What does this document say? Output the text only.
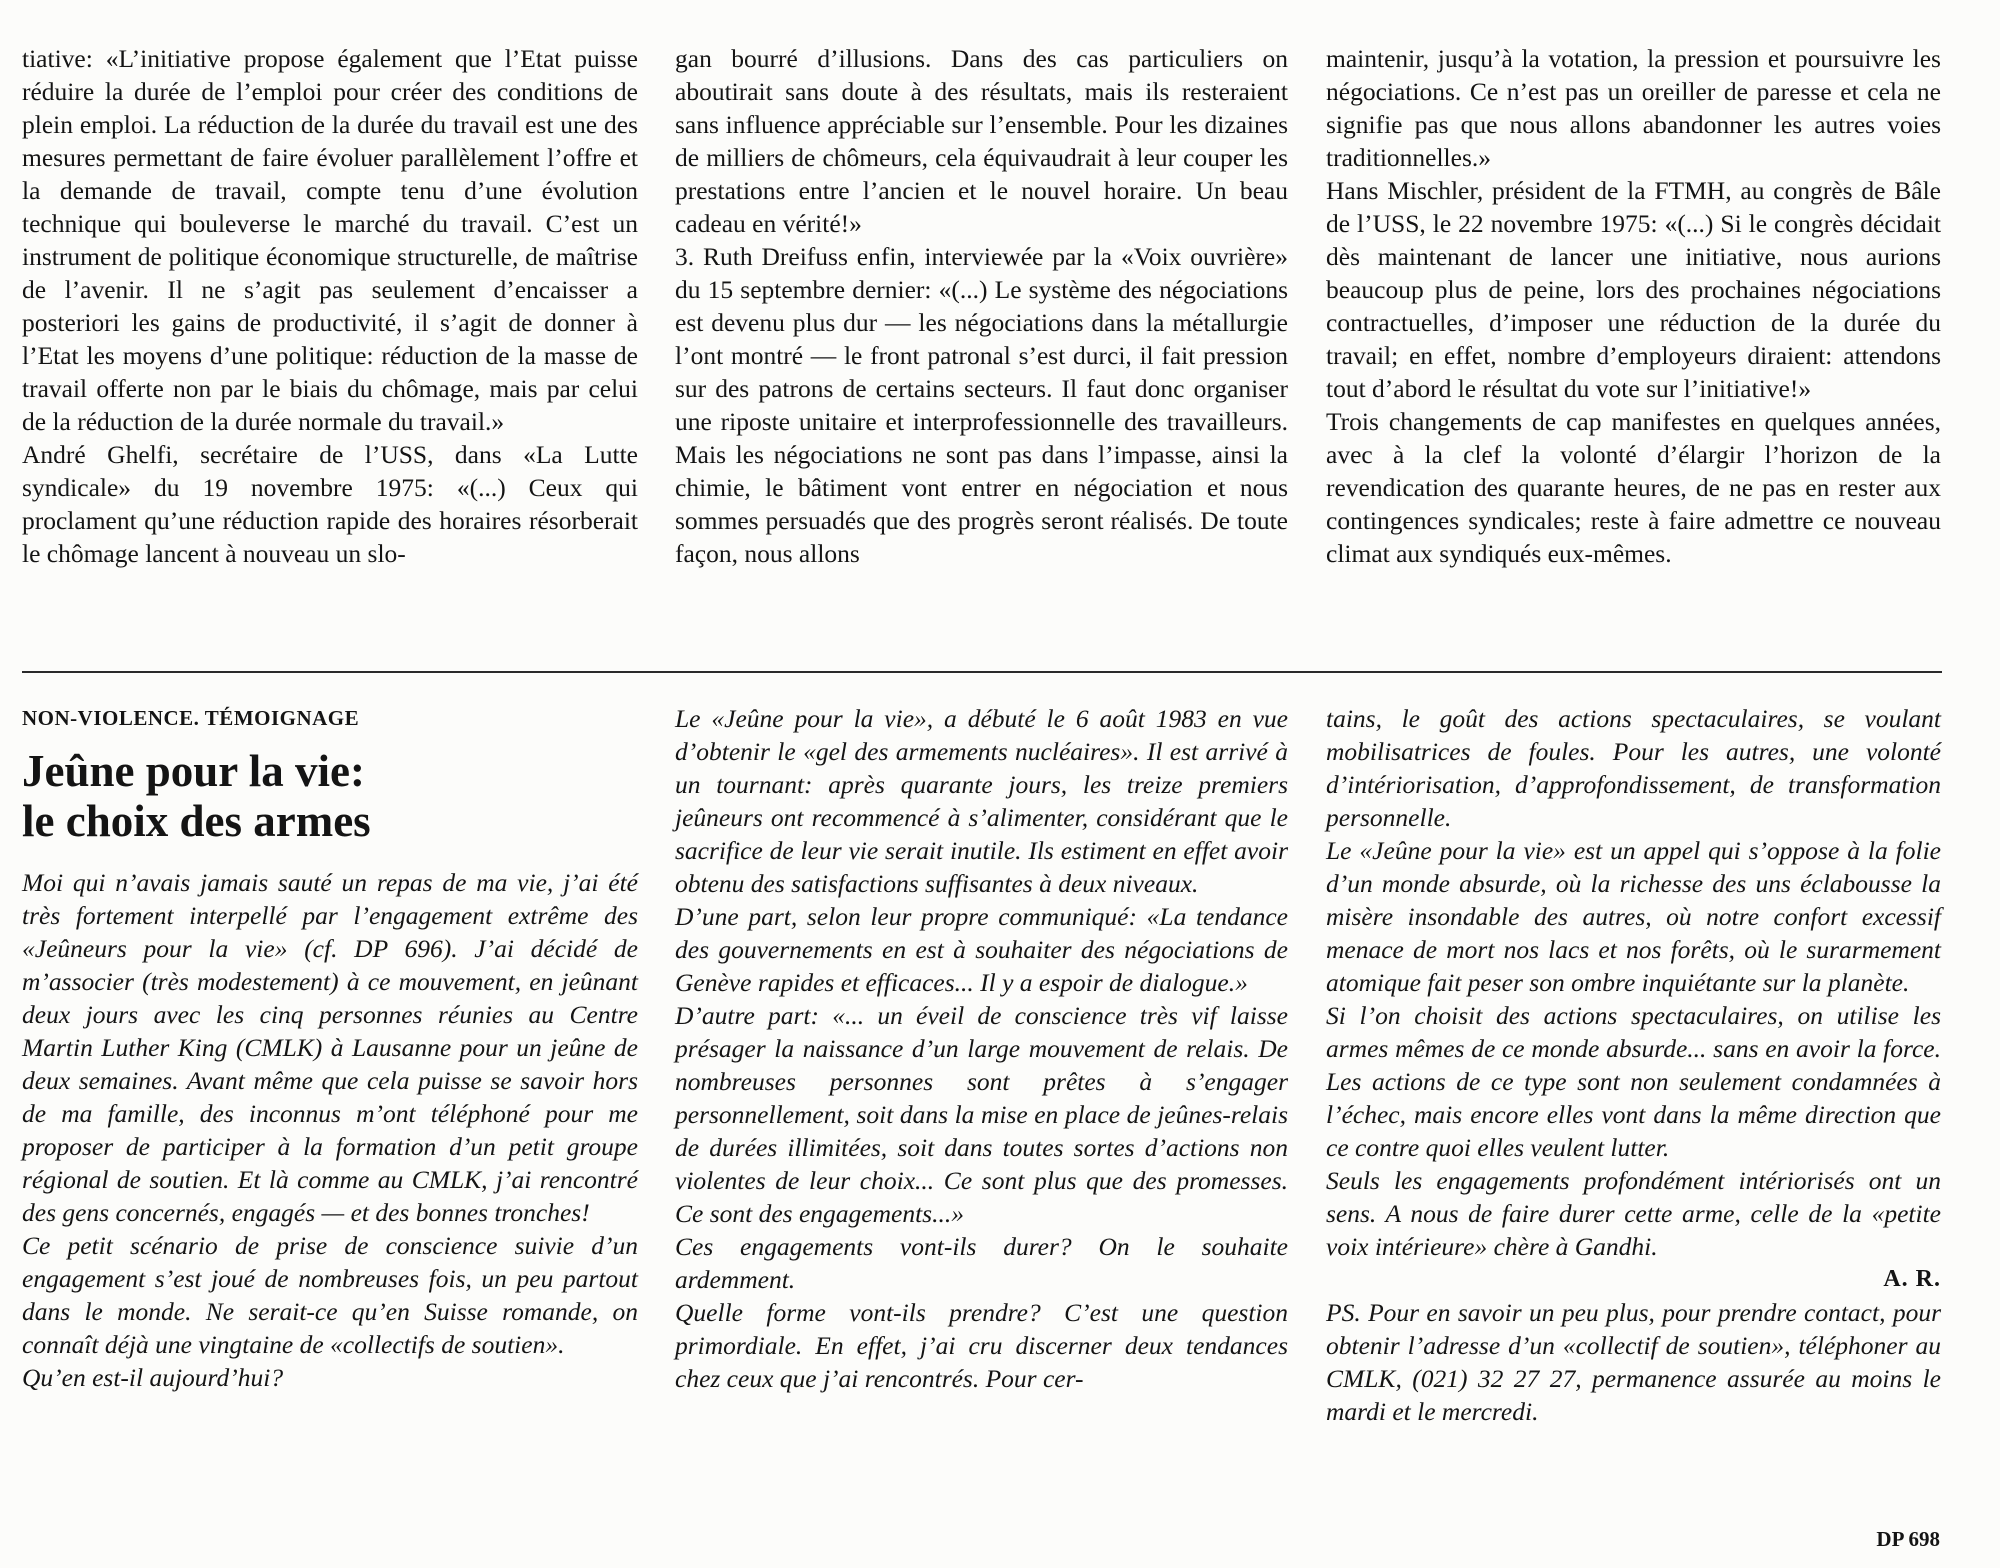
tiative: «L’initiative propose également que l’Etat puisse réduire la durée de l’emploi pour créer des conditions de plein emploi. La réduction de la durée du travail est une des mesures permettant de faire évoluer parallèlement l’offre et la demande de travail, compte tenu d’une évolution technique qui bouleverse le marché du travail. C’est un instrument de politique économique structurelle, de maîtrise de l’avenir. Il ne s’agit pas seulement d’encaisser a posteriori les gains de productivité, il s’agit de donner à l’Etat les moyens d’une politique: réduction de la masse de travail offerte non par le biais du chômage, mais par celui de la réduction de la durée normale du travail.»

André Ghelfi, secrétaire de l’USS, dans «La Lutte syndicale» du 19 novembre 1975: «(...) Ceux qui proclament qu’une réduction rapide des horaires résorberait le chômage lancent à nouveau un slo-

gan bourré d’illusions. Dans des cas particuliers on aboutirait sans doute à des résultats, mais ils resteraient sans influence appréciable sur l’ensemble. Pour les dizaines de milliers de chômeurs, cela équivaudrait à leur couper les prestations entre l’ancien et le nouvel horaire. Un beau cadeau en vérité!»

3. Ruth Dreifuss enfin, interviewée par la «Voix ouvrière» du 15 septembre dernier: «(...) Le système des négociations est devenu plus dur — les négociations dans la métallurgie l’ont montré — le front patronal s’est durci, il fait pression sur des patrons de certains secteurs. Il faut donc organiser une riposte unitaire et interprofessionnelle des travailleurs. Mais les négociations ne sont pas dans l’impasse, ainsi la chimie, le bâtiment vont entrer en négociation et nous sommes persuadés que des progrès seront réalisés. De toute façon, nous allons

maintenir, jusqu’à la votation, la pression et poursuivre les négociations. Ce n’est pas un oreiller de paresse et cela ne signifie pas que nous allons abandonner les autres voies traditionnelles.»

Hans Mischler, président de la FTMH, au congrès de Bâle de l’USS, le 22 novembre 1975: «(...) Si le congrès décidait dès maintenant de lancer une initiative, nous aurions beaucoup plus de peine, lors des prochaines négociations contractuelles, d’imposer une réduction de la durée du travail; en effet, nombre d’employeurs diraient: attendons tout d’abord le résultat du vote sur l’initiative!»

Trois changements de cap manifestes en quelques années, avec à la clef la volonté d’élargir l’horizon de la revendication des quarante heures, de ne pas en rester aux contingences syndicales; reste à faire admettre ce nouveau climat aux syndiqués eux-mêmes.

NON-VIOLENCE. TÉMOIGNAGE
Jeûne pour la vie:
le choix des armes

Moi qui n’avais jamais sauté un repas de ma vie, j’ai été très fortement interpellé par l’engagement extrême des «Jeûneurs pour la vie» (cf. DP 696). J’ai décidé de m’associer (très modestement) à ce mouvement, en jeûnant deux jours avec les cinq personnes réunies au Centre Martin Luther King (CMLK) à Lausanne pour un jeûne de deux semaines. Avant même que cela puisse se savoir hors de ma famille, des inconnus m’ont téléphoné pour me proposer de participer à la formation d’un petit groupe régional de soutien. Et là comme au CMLK, j’ai rencontré des gens concernés, engagés — et des bonnes tronches!

Ce petit scénario de prise de conscience suivie d’un engagement s’est joué de nombreuses fois, un peu partout dans le monde. Ne serait-ce qu’en Suisse romande, on connaît déjà une vingtaine de «collectifs de soutien».

Qu’en est-il aujourd’hui?

Le «Jeûne pour la vie», a débuté le 6 août 1983 en vue d’obtenir le «gel des armements nucléaires». Il est arrivé à un tournant: après quarante jours, les treize premiers jeûneurs ont recommencé à s’alimenter, considérant que le sacrifice de leur vie serait inutile. Ils estiment en effet avoir obtenu des satisfactions suffisantes à deux niveaux.

D’une part, selon leur propre communiqué: «La tendance des gouvernements en est à souhaiter des négociations de Genève rapides et efficaces... Il y a espoir de dialogue.»

D’autre part: «... un éveil de conscience très vif laisse présager la naissance d’un large mouvement de relais. De nombreuses personnes sont prêtes à s’engager personnellement, soit dans la mise en place de jeûnes-relais de durées illimitées, soit dans toutes sortes d’actions non violentes de leur choix... Ce sont plus que des promesses. Ce sont des engagements...»

Ces engagements vont-ils durer? On le souhaite ardemment.

Quelle forme vont-ils prendre? C’est une question primordiale. En effet, j’ai cru discerner deux tendances chez ceux que j’ai rencontrés. Pour cer-

tains, le goût des actions spectaculaires, se voulant mobilisatrices de foules. Pour les autres, une volonté d’intériorisation, d’approfondissement, de transformation personnelle.

Le «Jeûne pour la vie» est un appel qui s’oppose à la folie d’un monde absurde, où la richesse des uns éclabousse la misère insondable des autres, où notre confort excessif menace de mort nos lacs et nos forêts, où le surarmement atomique fait peser son ombre inquiétante sur la planète.

Si l’on choisit des actions spectaculaires, on utilise les armes mêmes de ce monde absurde... sans en avoir la force. Les actions de ce type sont non seulement condamnées à l’échec, mais encore elles vont dans la même direction que ce contre quoi elles veulent lutter.

Seuls les engagements profondément intériorisés ont un sens. A nous de faire durer cette arme, celle de la «petite voix intérieure» chère à Gandhi.

A. R.

PS. Pour en savoir un peu plus, pour prendre contact, pour obtenir l’adresse d’un «collectif de soutien», téléphoner au CMLK, (021) 32 27 27, permanence assurée au moins le mardi et le mercredi.

DP 698
